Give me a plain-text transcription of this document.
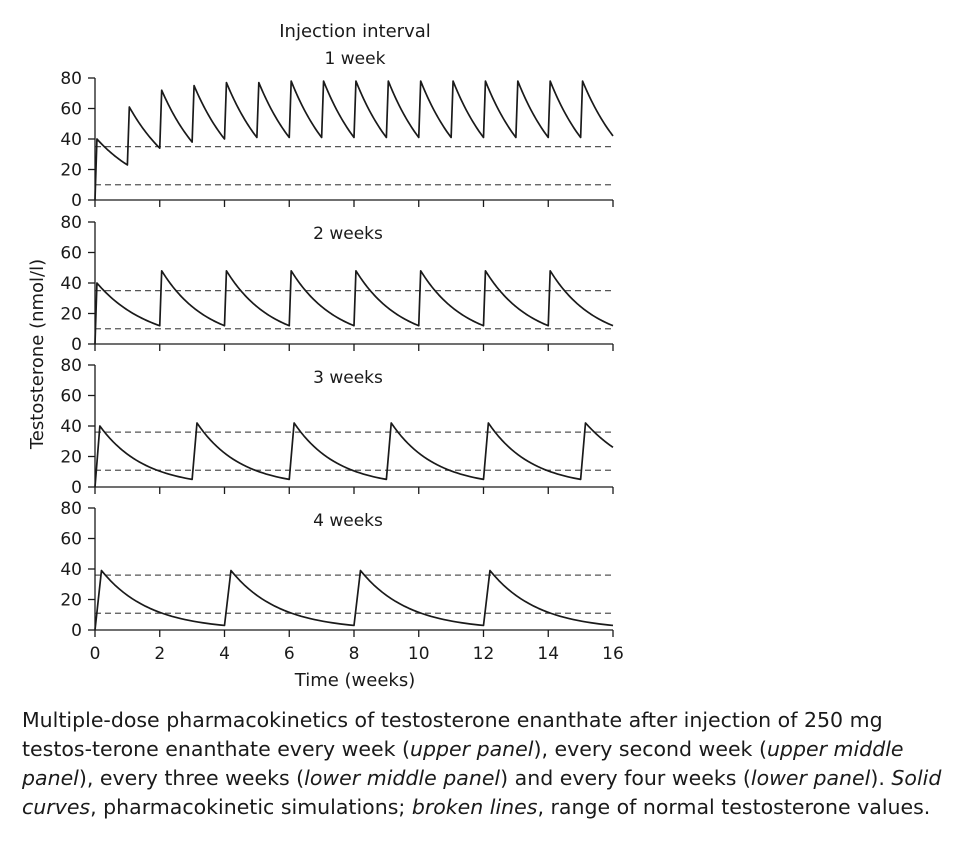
Injection interval
Testosterone (nmol/l)
Time (weeks)
0
20
40
60
80
1 week
0
20
40
60
80
2 weeks
0
20
40
60
80
3 weeks
0
20
40
60
80
0	2	4	6	8	10	12	14	16
4 weeks

Multiple-dose pharmacokinetics of testosterone enanthate after injection of 250 mg testos-terone enanthate every week (upper panel), every second week (upper middle panel), every three weeks (lower middle panel) and every four weeks (lower panel). Solid curves, pharmacokinetic simulations; broken lines, range of normal testosterone values.
